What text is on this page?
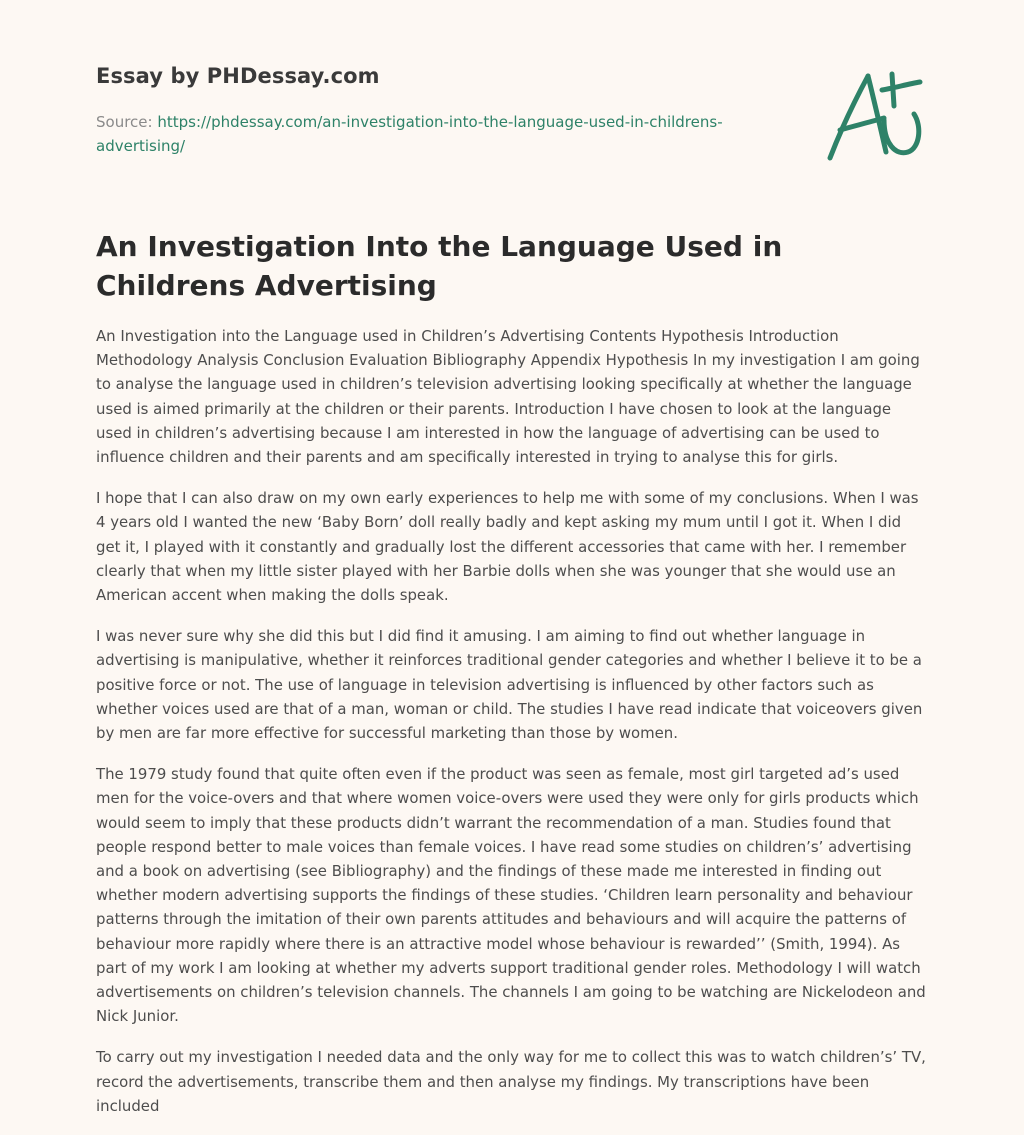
Essay by PHDessay.com
Source: https://phdessay.com/an-investigation-into-the-language-used-in-childrens-advertising/
An Investigation Into the Language Used in Childrens Advertising

An Investigation into the Language used in Children’s Advertising Contents Hypothesis Introduction Methodology Analysis Conclusion Evaluation Bibliography Appendix Hypothesis In my investigation I am going to analyse the language used in children’s television advertising looking specifically at whether the language used is aimed primarily at the children or their parents. Introduction I have chosen to look at the language used in children’s advertising because I am interested in how the language of advertising can be used to influence children and their parents and am specifically interested in trying to analyse this for girls.

I hope that I can also draw on my own early experiences to help me with some of my conclusions. When I was 4 years old I wanted the new ‘Baby Born’ doll really badly and kept asking my mum until I got it. When I did get it, I played with it constantly and gradually lost the different accessories that came with her. I remember clearly that when my little sister played with her Barbie dolls when she was younger that she would use an American accent when making the dolls speak.

I was never sure why she did this but I did find it amusing. I am aiming to find out whether language in advertising is manipulative, whether it reinforces traditional gender categories and whether I believe it to be a positive force or not. The use of language in television advertising is influenced by other factors such as whether voices used are that of a man, woman or child. The studies I have read indicate that voiceovers given by men are far more effective for successful marketing than those by women.

The 1979 study found that quite often even if the product was seen as female, most girl targeted ad’s used men for the voice-overs and that where women voice-overs were used they were only for girls products which would seem to imply that these products didn’t warrant the recommendation of a man. Studies found that people respond better to male voices than female voices. I have read some studies on children’s’ advertising and a book on advertising (see Bibliography) and the findings of these made me interested in finding out whether modern advertising supports the findings of these studies. ‘Children learn personality and behaviour patterns through the imitation of their own parents attitudes and behaviours and will acquire the patterns of behaviour more rapidly where there is an attractive model whose behaviour is rewarded’’ (Smith, 1994). As part of my work I am looking at whether my adverts support traditional gender roles. Methodology I will watch advertisements on children’s television channels. The channels I am going to be watching are Nickelodeon and Nick Junior.

To carry out my investigation I needed data and the only way for me to collect this was to watch children’s’ TV, record the advertisements, transcribe them and then analyse my findings. My transcriptions have been included
